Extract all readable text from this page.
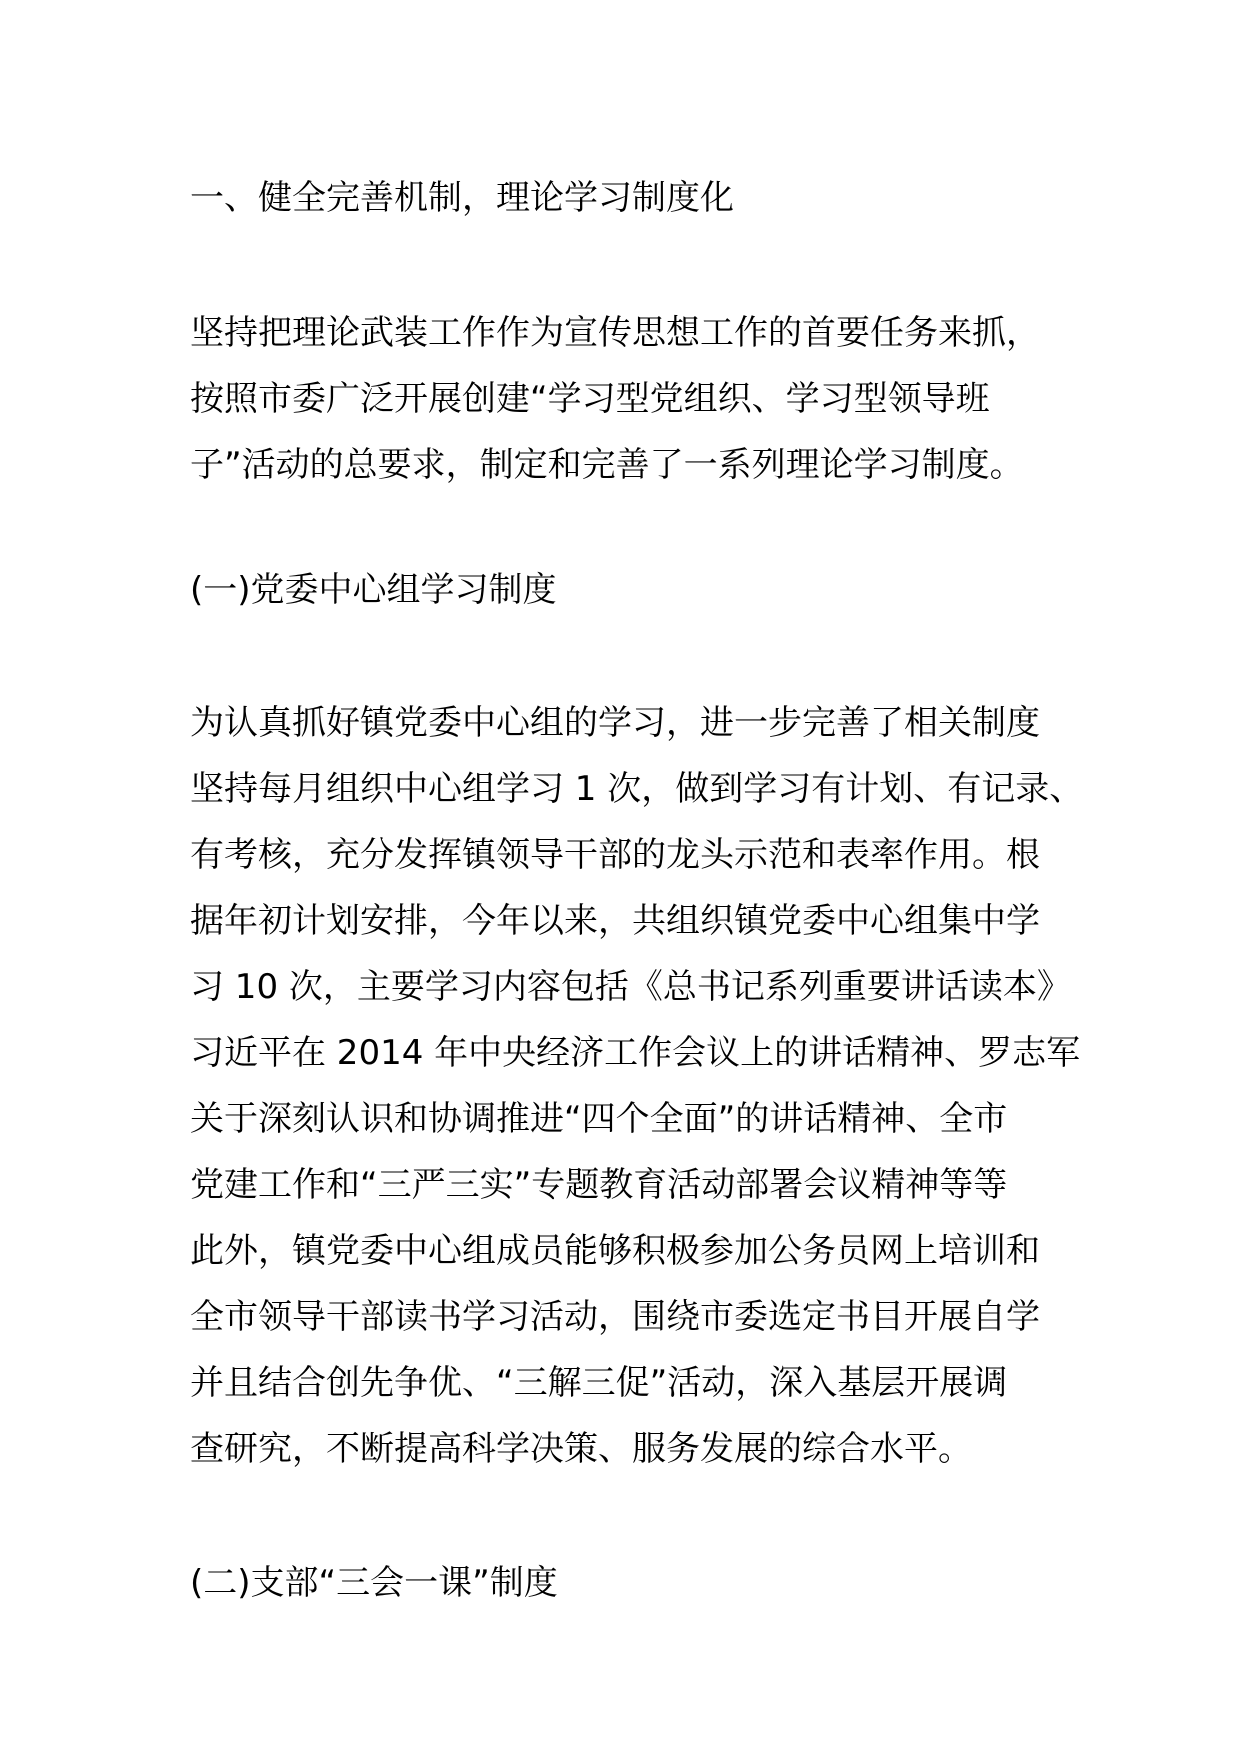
一、健全完善机制，理论学习制度化
坚持把理论武装工作作为宣传思想工作的首要任务来抓，
按照市委广泛开展创建“学习型党组织、学习型领导班
子”活动的总要求，制定和完善了一系列理论学习制度。
(一)党委中心组学习制度
为认真抓好镇党委中心组的学习，进一步完善了相关制度
坚持每月组织中心组学习 1 次，做到学习有计划、有记录、
有考核，充分发挥镇领导干部的龙头示范和表率作用。根
据年初计划安排，今年以来，共组织镇党委中心组集中学
习 10 次，主要学习内容包括《总书记系列重要讲话读本》
习近平在 2014 年中央经济工作会议上的讲话精神、罗志军
关于深刻认识和协调推进“四个全面”的讲话精神、全市
党建工作和“三严三实”专题教育活动部署会议精神等等
此外，镇党委中心组成员能够积极参加公务员网上培训和
全市领导干部读书学习活动，围绕市委选定书目开展自学
并且结合创先争优、“三解三促”活动，深入基层开展调
查研究，不断提高科学决策、服务发展的综合水平。
(二)支部“三会一课”制度
